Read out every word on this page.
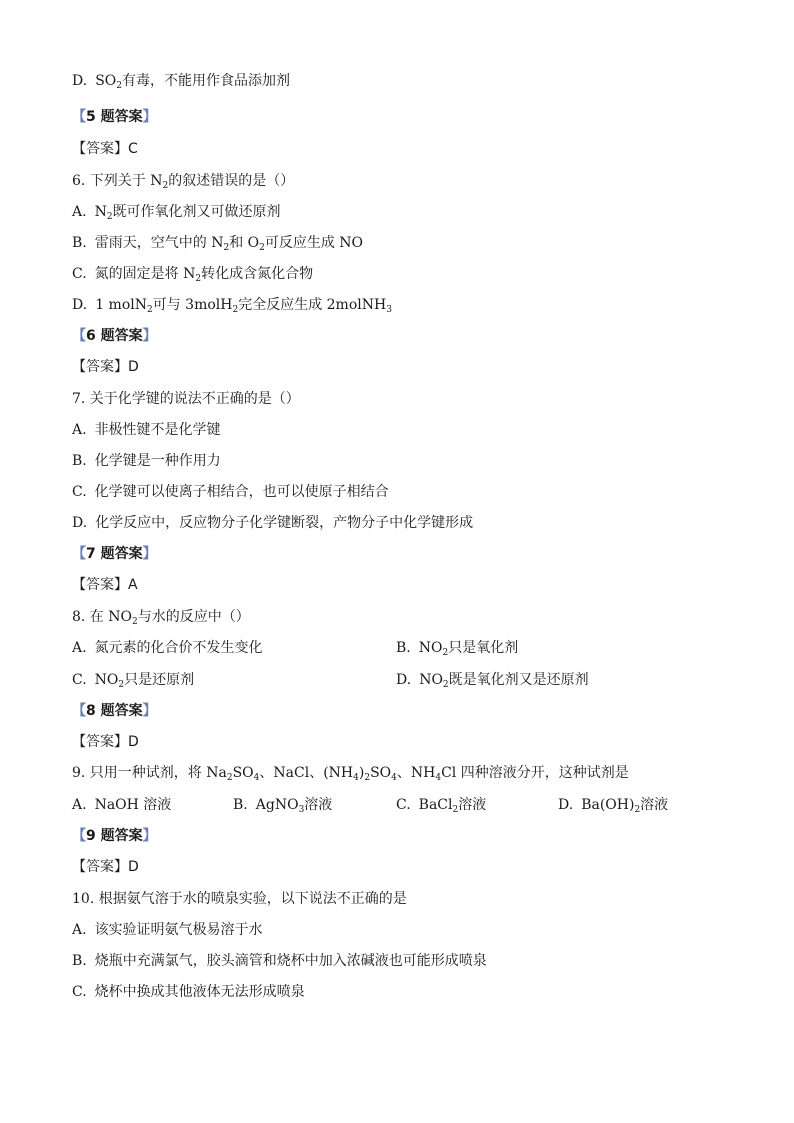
D. $SO_2$有毒，不能用作食品添加剂
【5 题答案】
【答案】C
6. 下列关于 $N_2$的叙述错误的是（）
A. $N_2$既可作氧化剂又可做还原剂
B. 雷雨天，空气中的 $N_2$和 $O_2$可反应生成 NO
C. 氮的固定是将 $N_2$转化成含氮化合物
D. 1 molN$_2$可与 3molH$_2$完全反应生成 2molNH$_3$
【6 题答案】
【答案】D
7. 关于化学键的说法不正确的是（）
A. 非极性键不是化学键
B. 化学键是一种作用力
C. 化学键可以使离子相结合，也可以使原子相结合
D. 化学反应中，反应物分子化学键断裂，产物分子中化学键形成
【7 题答案】
【答案】A
8. 在 $NO_2$与水的反应中（）
A. 氮元素的化合价不发生变化	B. $NO_2$只是氧化剂
C. $NO_2$只是还原剂	D. $NO_2$既是氧化剂又是还原剂
【8 题答案】
【答案】D
9. 只用一种试剂，将 $Na_2SO_4$、NaCl、$(NH_4)_2SO_4$、$NH_4Cl$ 四种溶液分开，这种试剂是
A. NaOH 溶液	B. AgNO$_3$溶液	C. BaCl$_2$溶液	D. $Ba(OH)_2$溶液
【9 题答案】
【答案】D
10. 根据氨气溶于水的喷泉实验，以下说法不正确的是
A. 该实验证明氨气极易溶于水
B. 烧瓶中充满氯气，胶头滴管和烧杯中加入浓碱液也可能形成喷泉
C. 烧杯中换成其他液体无法形成喷泉
